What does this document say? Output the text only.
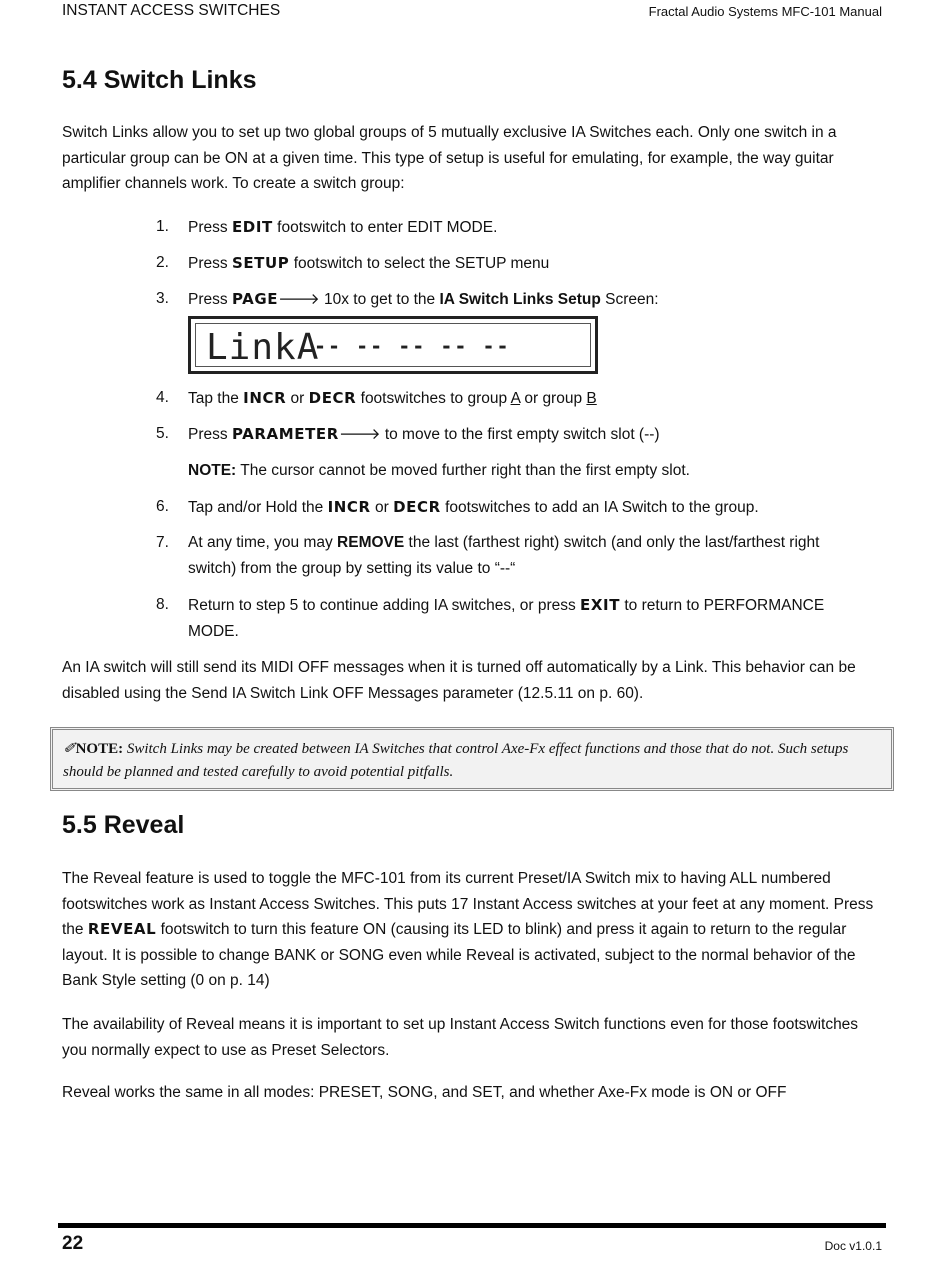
INSTANT ACCESS SWITCHES	Fractal Audio Systems MFC-101 Manual
5.4 Switch Links

Switch Links allow you to set up two global groups of 5 mutually exclusive IA Switches each. Only one switch in a particular group can be ON at a given time. This type of setup is useful for emulating, for example, the way guitar amplifier channels work. To create a switch group:

1. Press EDIT footswitch to enter EDIT MODE.
2. Press SETUP footswitch to select the SETUP menu
3. Press PAGE🡒 10x to get to the IA Switch Links Setup Screen:
LinkA
-- -- -- -- --
4. Tap the INCR or DECR footswitches to group A or group B
5. Press PARAMETER🡒 to move to the first empty switch slot (--)
NOTE: The cursor cannot be moved further right than the first empty slot.
6. Tap and/or Hold the INCR or DECR footswitches to add an IA Switch to the group.
7. At any time, you may REMOVE the last (farthest right) switch (and only the last/farthest right switch) from the group by setting its value to “--“
8. Return to step 5 to continue adding IA switches, or press EXIT to return to PERFORMANCE MODE.

An IA switch will still send its MIDI OFF messages when it is turned off automatically by a Link. This behavior can be disabled using the Send IA Switch Link OFF Messages parameter (12.5.11 on p. 60).

✐NOTE: Switch Links may be created between IA Switches that control Axe-Fx effect functions and those that do not. Such setups should be planned and tested carefully to avoid potential pitfalls.
5.5 Reveal

The Reveal feature is used to toggle the MFC-101 from its current Preset/IA Switch mix to having ALL numbered footswitches work as Instant Access Switches. This puts 17 Instant Access switches at your feet at any moment. Press the REVEAL footswitch to turn this feature ON (causing its LED to blink) and press it again to return to the regular layout. It is possible to change BANK or SONG even while Reveal is activated, subject to the normal behavior of the Bank Style setting (0 on p. 14)

The availability of Reveal means it is important to set up Instant Access Switch functions even for those footswitches you normally expect to use as Preset Selectors.

Reveal works the same in all modes: PRESET, SONG, and SET, and whether Axe-Fx mode is ON or OFF

22	Doc v1.0.1
